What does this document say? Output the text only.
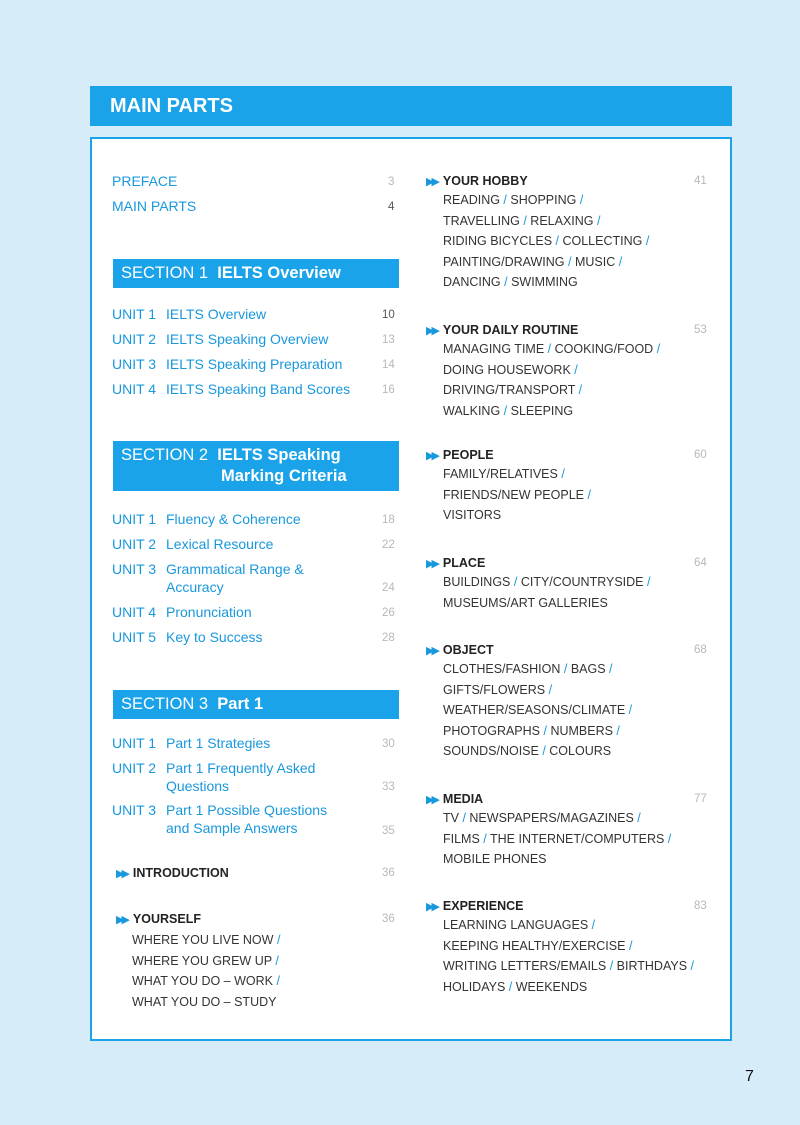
MAIN PARTS
PREFACE	3
MAIN PARTS	4
SECTION 1 IELTS Overview
UNIT 1 IELTS Overview	10
UNIT 2 IELTS Speaking Overview	13
UNIT 3 IELTS Speaking Preparation	14
UNIT 4 IELTS Speaking Band Scores	16
SECTION 2 IELTS Speaking
Marking Criteria
UNIT 1 Fluency & Coherence	18
UNIT 2 Lexical Resource	22
UNIT 3 Grammatical Range &
Accuracy	24
UNIT 4 Pronunciation	26
UNIT 5 Key to Success	28
SECTION 3 Part 1
UNIT 1 Part 1 Strategies	30
UNIT 2 Part 1 Frequently Asked
Questions	33
UNIT 3 Part 1 Possible Questions
and Sample Answers	35
▶▶ INTRODUCTION	36
▶▶ YOURSELF	36
WHERE YOU LIVE NOW /
WHERE YOU GREW UP /
WHAT YOU DO – WORK /
WHAT YOU DO – STUDY
▶▶ YOUR HOBBY	41
READING / SHOPPING /
TRAVELLING / RELAXING /
RIDING BICYCLES / COLLECTING /
PAINTING/DRAWING / MUSIC /
DANCING / SWIMMING
▶▶ YOUR DAILY ROUTINE	53
MANAGING TIME / COOKING/FOOD /
DOING HOUSEWORK /
DRIVING/TRANSPORT /
WALKING / SLEEPING
▶▶ PEOPLE	60
FAMILY/RELATIVES /
FRIENDS/NEW PEOPLE /
VISITORS
▶▶ PLACE	64
BUILDINGS / CITY/COUNTRYSIDE /
MUSEUMS/ART GALLERIES
▶▶ OBJECT	68
CLOTHES/FASHION / BAGS /
GIFTS/FLOWERS /
WEATHER/SEASONS/CLIMATE /
PHOTOGRAPHS / NUMBERS /
SOUNDS/NOISE / COLOURS
▶▶ MEDIA	77
TV / NEWSPAPERS/MAGAZINES /
FILMS / THE INTERNET/COMPUTERS /
MOBILE PHONES
▶▶ EXPERIENCE	83
LEARNING LANGUAGES /
KEEPING HEALTHY/EXERCISE /
WRITING LETTERS/EMAILS / BIRTHDAYS /
HOLIDAYS / WEEKENDS
7
